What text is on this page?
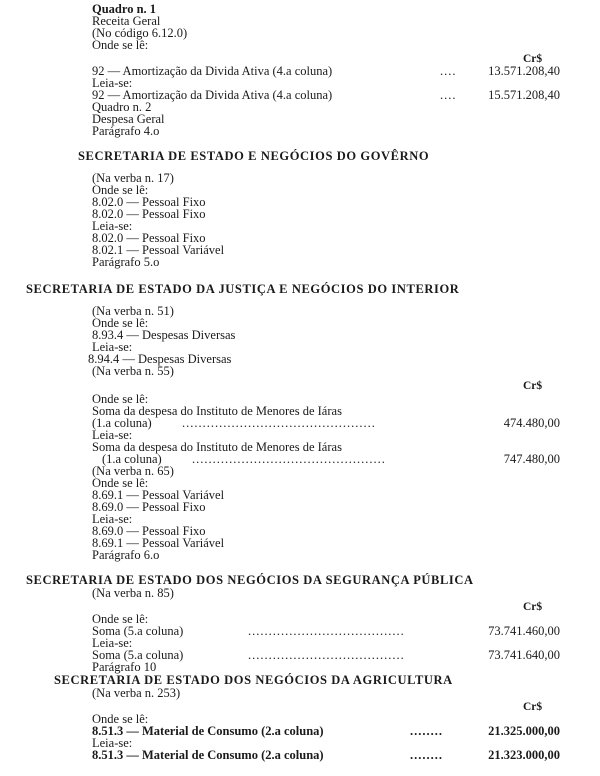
Quadro n. 1
Receita Geral
(No código 6.12.0)
Onde se lê:
Cr$
92 — Amortização da Divida Ativa (4.a coluna)	....	13.571.208,40
Leia-se:
92 — Amortização da Divida Ativa (4.a coluna)	....	15.571.208,40
Quadro n. 2
Despesa Geral
Parágrafo 4.o
SECRETARIA DE ESTADO E NEGÓCIOS DO GOVÊRNO
(Na verba n. 17)
Onde se lê:
8.02.0 — Pessoal Fixo
8.02.0 — Pessoal Fixo
Leia-se:
8.02.0 — Pessoal Fixo
8.02.1 — Pessoal Variável
Parágrafo 5.o
SECRETARIA DE ESTADO DA JUSTIÇA E NEGÓCIOS DO INTERIOR
(Na verba n. 51)
Onde se lê:
8.93.4 — Despesas Diversas
Leia-se:
8.94.4 — Despesas Diversas
(Na verba n. 55)
Cr$
Onde se lê:
Soma da despesa do Instituto de Menores de Iáras
(1.a coluna) ...............................................	474.480,00
Leia-se:
Soma da despesa do Instituto de Menores de Iáras
(1.a coluna) ...............................................	747.480,00
(Na verba n. 65)
Onde se lê:
8.69.1 — Pessoal Variável
8.69.0 — Pessoal Fixo
Leia-se:
8.69.0 — Pessoal Fixo
8.69.1 — Pessoal Variável
Parágrafo 6.o
SECRETARIA DE ESTADO DOS NEGÓCIOS DA SEGURANÇA PÚBLICA
(Na verba n. 85)
Cr$
Onde se lê:
Soma (5.a coluna)	......................................	73.741.460,00
Leia-se:
Soma (5.a coluna)	......................................	73.741.640,00
Parágrafo 10
SECRETARIA DE ESTADO DOS NEGÓCIOS DA AGRICULTURA
(Na verba n. 253)
Cr$
Onde se lê:
8.51.3 — Material de Consumo (2.a coluna)	........	21.325.000,00
Leia-se:
8.51.3 — Material de Consumo (2.a coluna)	........	21.323.000,00
